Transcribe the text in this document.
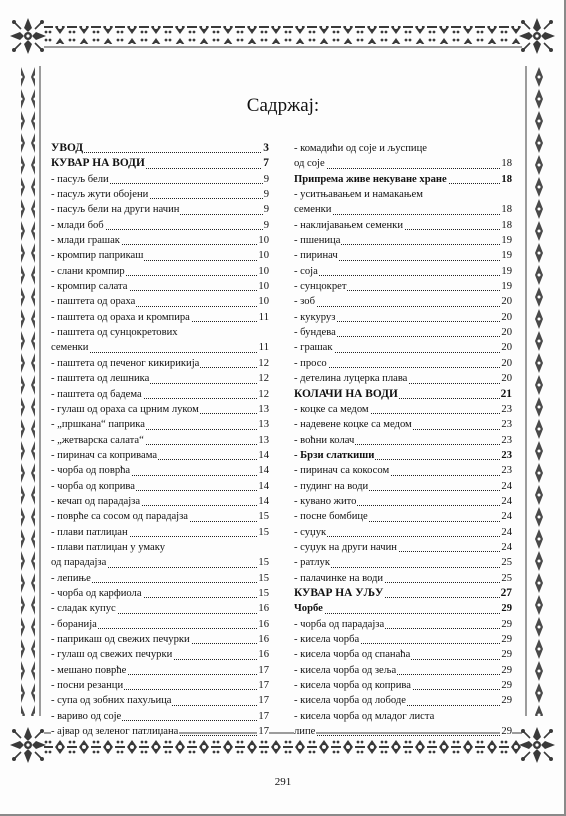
Садржај:
УВОД	3
КУВАР НА ВОДИ	7
- пасуљ бели	9
- пасуљ жути обојени	9
- пасуљ бели на други начин	9
- млади боб	9
- млади грашак	10
- кромпир паприкаш	10
- слани кромпир	10
- кромпир салата	10
- паштета од ораха	10
- паштета од ораха и кромпира	11
- паштета од сунцокретових
семенки	11
- паштета од печеног кикирикија	12
- паштета од лешника	12
- паштета од бадема	12
- гулаш од ораха са црним луком	13
- „пршкана“ паприка	13
- „жетварска салата“	13
- пиринач са копривама	14
- чорба од поврћа	14
- чорба од коприва	14
- кечап од парадајза	14
- поврће са сосом од парадајза	15
- плави патлиџан	15
- плави патлиџан у умаку
од парадајза	15
- лепиње	15
- чорба од карфиола	15
- сладак купус	16
- боранија	16
- паприкаш од свежих печурки	16
- гулаш од свежих печурки	16
- мешано поврће	17
- посни резанци	17
- супа од зобних пахуљица	17
- вариво од соје	17
- ајвар од зеленог патлиџана	17
- комадићи од соје и љуспице
од соје	18
Припрема живе некуване хране	18
- уситњавањем и намакањем
семенки	18
- наклијавањем семенки	18
- пшеница	19
- пиринач	19
- соја	19
- сунцокрет	19
- зоб	20
- кукуруз	20
- бундева	20
- грашак	20
- просо	20
- детелина луцерка плава	20
КОЛАЧИ НА ВОДИ	21
- коцке са медом	23
- надевене коцке са медом	23
- воћни колач	23
- Брзи слаткиши	23
- пиринач са кокосом	23
- пудинг на води	24
- кувано жито	24
- посне бомбице	24
- суџук	24
- суџук на други начин	24
- ратлук	25
- палачинке на води	25
КУВАР НА УЉУ	27
Чорбе	29
- чорба од парадајза	29
- кисела чорба	29
- кисела чорба од спанаћа	29
- кисела чорба од зеља	29
- кисела чорба од коприва	29
- кисела чорба од лободе	29
- кисела чорба од младог листа
липе	29
291
